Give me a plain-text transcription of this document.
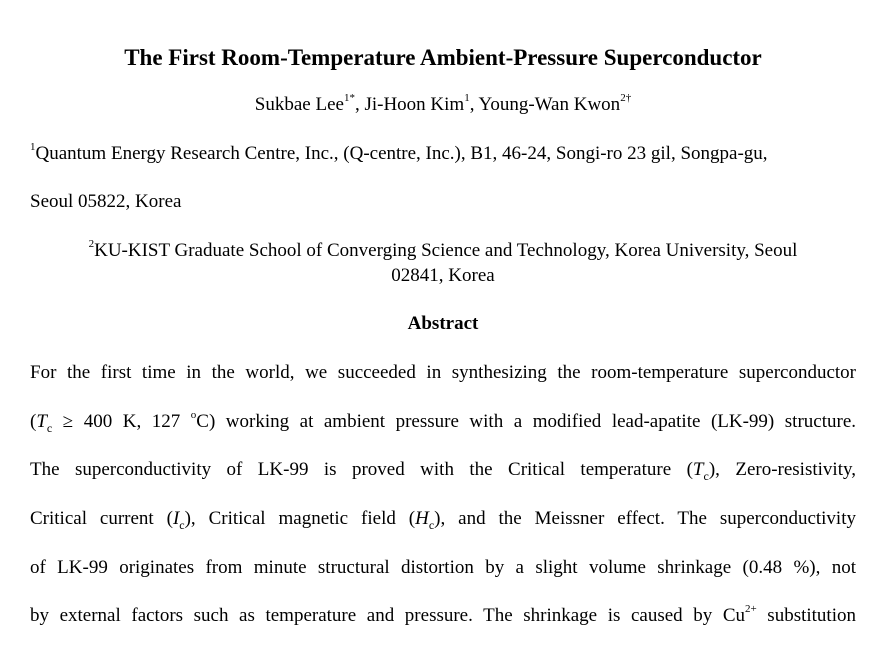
The First Room-Temperature Ambient-Pressure Superconductor
Sukbae Lee$^{1*}$, Ji-Hoon Kim$^1$, Young-Wan Kwon$^{2\dagger}$
$^1$Quantum Energy Research Centre, Inc., (Q-centre, Inc.), B1, 46-24, Songi-ro 23 gil, Songpa-gu,
Seoul 05822, Korea
$^2$KU-KIST Graduate School of Converging Science and Technology, Korea University, Seoul
02841, Korea
Abstract
For the first time in the world, we succeeded in synthesizing the room-temperature superconductor
($T_c \ge 400$ K, 127 $^o$C) working at ambient pressure with a modified lead-apatite (LK-99) structure.
The superconductivity of LK-99 is proved with the Critical temperature $(T_c)$, Zero-resistivity,
Critical current $(I_c)$, Critical magnetic field $(H_c)$, and the Meissner effect. The superconductivity
of LK-99 originates from minute structural distortion by a slight volume shrinkage (0.48 %), not
by external factors such as temperature and pressure. The shrinkage is caused by $Cu^{2+}$ substitution
